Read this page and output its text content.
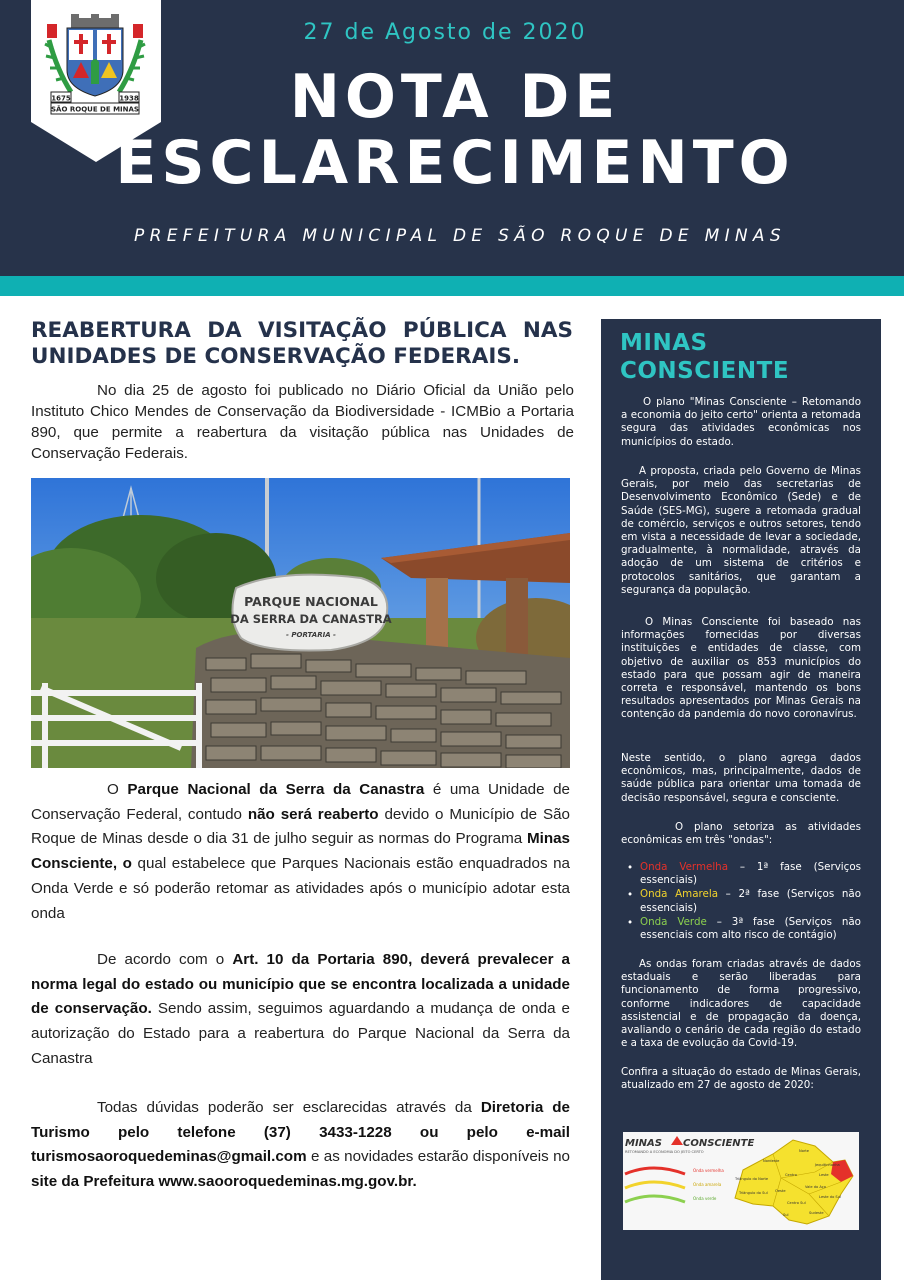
1675	1938
SÃO ROQUE DE MINAS
27 de Agosto de 2020
NOTA DE
ESCLARECIMENTO
PREFEITURA MUNICIPAL DE SÃO ROQUE DE MINAS
REABERTURA DA VISITAÇÃO PÚBLICA NAS UNIDADES DE CONSERVAÇÃO FEDERAIS.

No dia 25 de agosto foi publicado no Diário Oficial da União pelo Instituto Chico Mendes de Conservação da Biodiversidade - ICMBio a Portaria 890, que permite a reabertura da visitação pública nas Unidades de Conservação Federais.

PARQUE NACIONAL
DA SERRA DA CANASTRA
- PORTARIA -

O Parque Nacional da Serra da Canastra é uma Unidade de Conservação Federal, contudo não será reaberto devido o Município de São Roque de Minas desde o dia 31 de julho seguir as normas do Programa Minas Consciente, o qual estabelece que Parques Nacionais estão enquadrados na Onda Verde e só poderão retomar as atividades após o município adotar esta onda

De acordo com o Art. 10 da Portaria 890, deverá prevalecer a norma legal do estado ou município que se encontra localizada a unidade de conservação. Sendo assim, seguimos aguardando a mudança de onda e autorização do Estado para a reabertura do Parque Nacional da Serra da Canastra

Todas dúvidas poderão ser esclarecidas através da Diretoria de Turismo pelo telefone (37) 3433-1228 ou pelo e-mail turismosaoroquedeminas@gmail.com e as novidades estarão disponíveis no site da Prefeitura www.saooroquedeminas.mg.gov.br.

MINAS
CONSCIENTE

O plano "Minas Consciente – Retomando a economia do jeito certo" orienta a retomada segura das atividades econômicas nos municípios do estado.

A proposta, criada pelo Governo de Minas Gerais, por meio das secretarias de Desenvolvimento Econômico (Sede) e de Saúde (SES-MG), sugere a retomada gradual de comércio, serviços e outros setores, tendo em vista a necessidade de levar a sociedade, gradualmente, à normalidade, através da adoção de um sistema de critérios e protocolos sanitários, que garantam a segurança da população.

O Minas Consciente foi baseado nas informações fornecidas por diversas instituições e entidades de classe, com objetivo de auxiliar os 853 municípios do estado para que possam agir de maneira correta e responsável, mantendo os bons resultados apresentados por Minas Gerais na contenção da pandemia do novo coronavírus.

Neste sentido, o plano agrega dados econômicos, mas, principalmente, dados de saúde pública para orientar uma tomada de decisão responsável, segura e consciente.

O plano setoriza as atividades econômicas em três "ondas":

• Onda Vermelha – 1ª fase (Serviços essenciais)
• Onda Amarela – 2ª fase (Serviços não essenciais)
• Onda Verde – 3ª fase (Serviços não essenciais com alto risco de contágio)

As ondas foram criadas através de dados estaduais e serão liberadas para funcionamento de forma progressivo, conforme indicadores de capacidade assistencial e de propagação da doença, avaliando o cenário de cada região do estado e a taxa de evolução da Covid-19.

Confira a situação do estado de Minas Gerais, atualizado em 27 de agosto de 2020:

MINAS CONSCIENTE
RETOMANDO A ECONOMIA DO JEITO CERTO
Onda vermelha
Onda amarela
Onda verde
Norte
Nordeste
Jequitinhonha
Triângulo do Norte
Centro	Leste
Triângulo do Sul Oeste
Vale do Aço
Centro Sul
Leste do Sul
Sul	Sudeste
